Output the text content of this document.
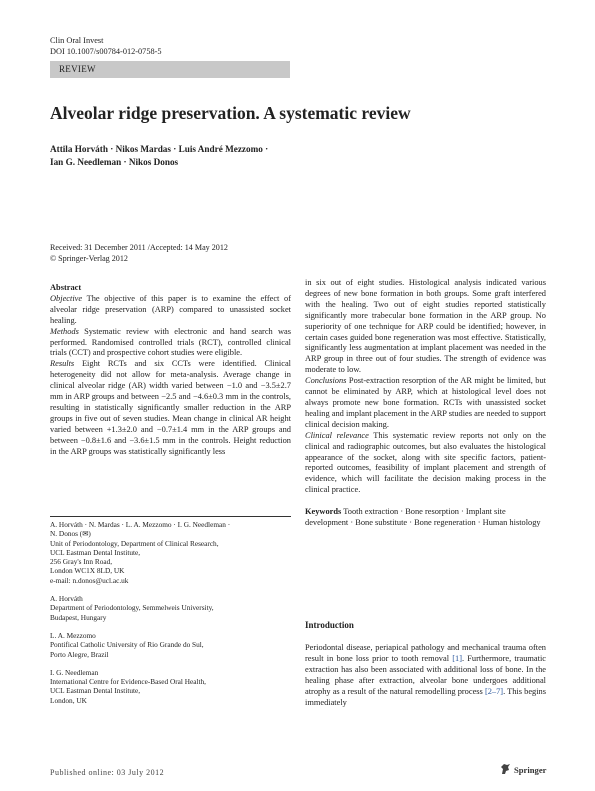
Clin Oral Invest
DOI 10.1007/s00784-012-0758-5
REVIEW
Alveolar ridge preservation. A systematic review
Attila Horváth · Nikos Mardas · Luis André Mezzomo ·
Ian G. Needleman · Nikos Donos
Received: 31 December 2011 /Accepted: 14 May 2012
© Springer-Verlag 2012

Abstract

Objective The objective of this paper is to examine the effect of alveolar ridge preservation (ARP) compared to unassisted socket healing.

Methods Systematic review with electronic and hand search was performed. Randomised controlled trials (RCT), controlled clinical trials (CCT) and prospective cohort studies were eligible.

Results Eight RCTs and six CCTs were identified. Clinical heterogeneity did not allow for meta-analysis. Average change in clinical alveolar ridge (AR) width varied between −1.0 and −3.5±2.7 mm in ARP groups and between −2.5 and −4.6±0.3 mm in the controls, resulting in statistically significantly smaller reduction in the ARP groups in five out of seven studies. Mean change in clinical AR height varied between +1.3±2.0 and −0.7±1.4 mm in the ARP groups and between −0.8±1.6 and −3.6±1.5 mm in the controls. Height reduction in the ARP groups was statistically significantly less

A. Horváth · N. Mardas · L. A. Mezzomo · I. G. Needleman ·
N. Donos (✉)
Unit of Periodontology, Department of Clinical Research,
UCL Eastman Dental Institute,
256 Gray's Inn Road,
London WC1X 8LD, UK
e-mail: n.donos@ucl.ac.uk
A. Horváth
Department of Periodontology, Semmelweis University,
Budapest, Hungary
L. A. Mezzomo
Pontifical Catholic University of Rio Grande do Sul,
Porto Alegre, Brazil
I. G. Needleman
International Centre for Evidence-Based Oral Health,
UCL Eastman Dental Institute,
London, UK

in six out of eight studies. Histological analysis indicated various degrees of new bone formation in both groups. Some graft interfered with the healing. Two out of eight studies reported statistically significantly more trabecular bone formation in the ARP group. No superiority of one technique for ARP could be identified; however, in certain cases guided bone regeneration was most effective. Statistically, significantly less augmentation at implant placement was needed in the ARP group in three out of four studies. The strength of evidence was moderate to low.

Conclusions Post-extraction resorption of the AR might be limited, but cannot be eliminated by ARP, which at histological level does not always promote new bone formation. RCTs with unassisted socket healing and implant placement in the ARP studies are needed to support clinical decision making.

Clinical relevance This systematic review reports not only on the clinical and radiographic outcomes, but also evaluates the histological appearance of the socket, along with site specific factors, patient-reported outcomes, feasibility of implant placement and strength of evidence, which will facilitate the decision making process in the clinical practice.

Keywords Tooth extraction · Bone resorption · Implant site development · Bone substitute · Bone regeneration · Human histology

Introduction
Periodontal disease, periapical pathology and mechanical trauma often result in bone loss prior to tooth removal [1]. Furthermore, traumatic extraction has also been associated with additional loss of bone. In the healing phase after extraction, alveolar bone undergoes additional atrophy as a result of the natural remodelling process [2–7]. This begins immediately
Published online: 03 July 2012	Springer
